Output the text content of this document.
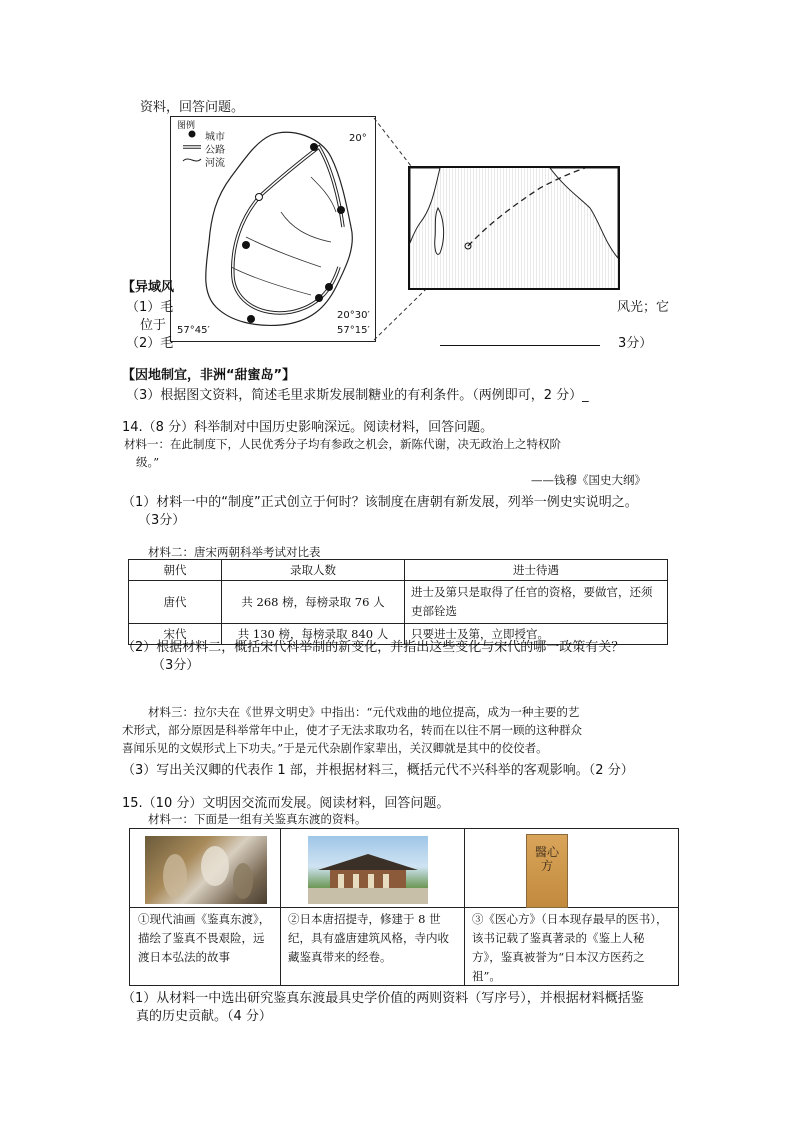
资料，回答问题。
图例
城市
公路
河流
20°
20°30′
57°45′	57°15′
【异域风
（1）毛	风光；它
位于
（2）毛	3分）
【因地制宜，非洲“甜蜜岛”】
（3）根据图文资料，简述毛里求斯发展制糖业的有利条件。（两例即可，2 分）_
14.（8 分）科举制对中国历史影响深远。阅读材料，回答问题。
材料一：在此制度下，人民优秀分子均有参政之机会，新陈代谢，决无政治上之特权阶
级。”
——钱穆《国史大纲》
（1）材料一中的“制度”正式创立于何时？该制度在唐朝有新发展，列举一例史实说明之。
（3分）
材料二：唐宋两朝科举考试对比表
朝代	录取人数	进士待遇
唐代	共 268 榜，每榜录取 76 人	进士及第只是取得了任官的资格，要做官，还须吏部铨选
宋代	共 130 榜，每榜录取 840 人	只要进士及第，立即授官。
（2）根据材料二，概括宋代科举制的新变化，并指出这些变化与宋代的哪一政策有关？
（3分）
材料三：拉尔夫在《世界文明史》中指出：“元代戏曲的地位提高，成为一种主要的艺
术形式，部分原因是科举常年中止，使才子无法求取功名，转而在以往不屑一顾的这种群众
喜闻乐见的文娱形式上下功夫。”于是元代杂剧作家辈出，关汉卿就是其中的佼佼者。
（3）写出关汉卿的代表作 1 部，并根据材料三，概括元代不兴科举的客观影响。（2 分）
15.（10 分）文明因交流而发展。阅读材料，回答问题。
材料一：下面是一组有关鉴真东渡的资料。
醫心方
①现代油画《鉴真东渡》，描绘了鉴真不畏艰险，远渡日本弘法的故事
②日本唐招提寺，修建于 8 世纪，具有盛唐建筑风格，寺内收藏鉴真带来的经卷。
③《医心方》（日本现存最早的医书），该书记载了鉴真著录的《鉴上人秘方》，鉴真被誉为“日本汉方医药之祖”。
（1）从材料一中选出研究鉴真东渡最具史学价值的两则资料（写序号），并根据材料概括鉴
真的历史贡献。（4 分）
